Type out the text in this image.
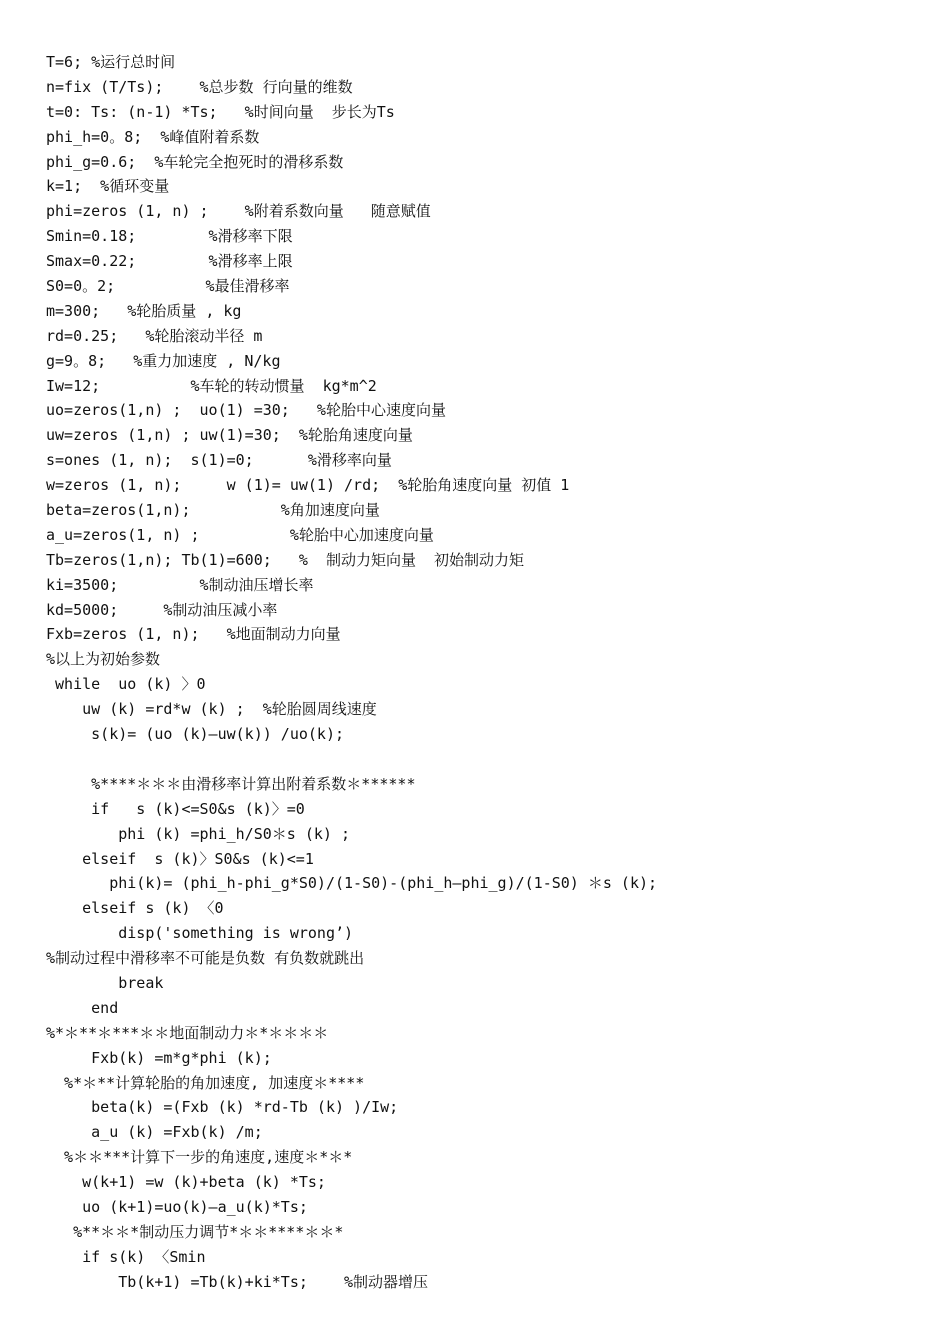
T=6; %运行总时间
n=fix (T/Ts);    %总步数 行向量的维数
t=0: Ts: (n-1) *Ts;   %时间向量  步长为Ts
phi_h=0。8;  %峰值附着系数
phi_g=0.6;  %车轮完全抱死时的滑移系数
k=1;  %循环变量
phi=zeros (1, n) ;    %附着系数向量   随意赋值
Smin=0.18;        %滑移率下限
Smax=0.22;        %滑移率上限
S0=0。2;          %最佳滑移率
m=300;   %轮胎质量 , kg
rd=0.25;   %轮胎滚动半径 m
g=9。8;   %重力加速度 , N/kg
Iw=12;          %车轮的转动惯量  kg*m^2
uo=zeros(1,n) ;  uo(1) =30;   %轮胎中心速度向量
uw=zeros (1,n) ; uw(1)=30;  %轮胎角速度向量
s=ones (1, n);  s(1)=0;      %滑移率向量
w=zeros (1, n);     w (1)= uw(1) /rd;  %轮胎角速度向量 初值 1
beta=zeros(1,n);          %角加速度向量
a_u=zeros(1, n) ;          %轮胎中心加速度向量
Tb=zeros(1,n); Tb(1)=600;   %  制动力矩向量  初始制动力矩
ki=3500;         %制动油压增长率
kd=5000;     %制动油压减小率
Fxb=zeros (1, n);   %地面制动力向量
%以上为初始参数
while  uo (k) 〉0
uw (k) =rd*w (k) ;  %轮胎圆周线速度
s(k)= (uo (k)—uw(k)) /uo(k);
%****＊＊＊由滑移率计算出附着系数＊******
if   s (k)<=S0&s (k)〉=0
phi (k) =phi_h/S0＊s (k) ;
elseif  s (k)〉S0&s (k)<=1
phi(k)= (phi_h-phi_g*S0)/(1-S0)-(phi_h—phi_g)/(1-S0) ＊s (k);
elseif s (k) 〈0
disp('something is wrong’)
%制动过程中滑移率不可能是负数 有负数就跳出
break
end
%*＊**＊***＊＊地面制动力＊*＊＊＊＊
Fxb(k) =m*g*phi (k);
%*＊**计算轮胎的角加速度, 加速度＊****
beta(k) =(Fxb (k) *rd-Tb (k) )/Iw;
a_u (k) =Fxb(k) /m;
%＊＊***计算下一步的角速度,速度＊*＊*
w(k+1) =w (k)+beta (k) *Ts;
uo (k+1)=uo(k)—a_u(k)*Ts;
%**＊＊*制动压力调节*＊＊****＊＊*
if s(k) 〈Smin
Tb(k+1) =Tb(k)+ki*Ts;    %制动器增压
